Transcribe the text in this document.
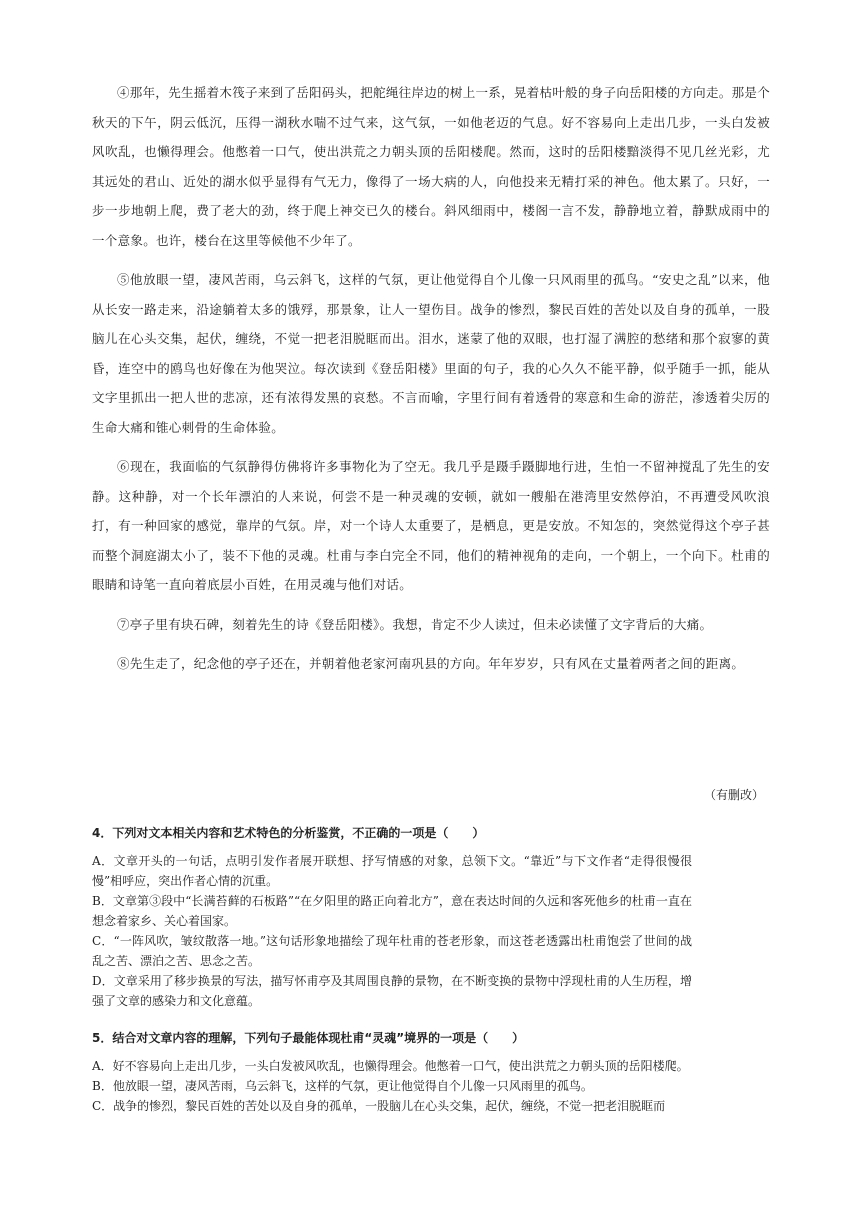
④那年，先生摇着木筏子来到了岳阳码头，把舵绳往岸边的树上一系，晃着枯叶般的身子向岳阳楼的方向走。那是个秋天的下午，阴云低沉，压得一湖秋水喘不过气来，这气氛，一如他老迈的气息。好不容易向上走出几步，一头白发被风吹乱，也懒得理会。他憋着一口气，使出洪荒之力朝头顶的岳阳楼爬。然而，这时的岳阳楼黯淡得不见几丝光彩，尤其远处的君山、近处的湖水似乎显得有气无力，像得了一场大病的人，向他投来无精打采的神色。他太累了。只好，一步一步地朝上爬，费了老大的劲，终于爬上神交已久的楼台。斜风细雨中，楼阁一言不发，静静地立着，静默成雨中的一个意象。也许，楼台在这里等候他不少年了。

⑤他放眼一望，凄风苦雨，乌云斜飞，这样的气氛，更让他觉得自个儿像一只风雨里的孤鸟。“安史之乱”以来，他从长安一路走来，沿途躺着太多的饿殍，那景象，让人一望伤目。战争的惨烈，黎民百姓的苦处以及自身的孤单，一股脑儿在心头交集，起伏，缠绕，不觉一把老泪脱眶而出。泪水，迷蒙了他的双眼，也打湿了满腔的愁绪和那个寂寥的黄昏，连空中的鸥鸟也好像在为他哭泣。每次读到《登岳阳楼》里面的句子，我的心久久不能平静，似乎随手一抓，能从文字里抓出一把人世的悲凉，还有浓得发黑的哀愁。不言而喻，字里行间有着透骨的寒意和生命的游茫，渗透着尖厉的生命大痛和锥心刺骨的生命体验。

⑥现在，我面临的气氛静得仿佛将许多事物化为了空无。我几乎是蹑手蹑脚地行进，生怕一不留神搅乱了先生的安静。这种静，对一个长年漂泊的人来说，何尝不是一种灵魂的安顿，就如一艘船在港湾里安然停泊，不再遭受风吹浪打，有一种回家的感觉，靠岸的气氛。岸，对一个诗人太重要了，是栖息，更是安放。不知怎的，突然觉得这个亭子甚而整个洞庭湖太小了，装不下他的灵魂。杜甫与李白完全不同，他们的精神视角的走向，一个朝上，一个向下。杜甫的眼睛和诗笔一直向着底层小百姓，在用灵魂与他们对话。

⑦亭子里有块石碑，刻着先生的诗《登岳阳楼》。我想，肯定不少人读过，但未必读懂了文字背后的大痛。

⑧先生走了，纪念他的亭子还在，并朝着他老家河南巩县的方向。年年岁岁，只有风在丈量着两者之间的距离。

（有删改）
4．下列对文本相关内容和艺术特色的分析鉴赏，不正确的一项是（　　）

A．文章开头的一句话，点明引发作者展开联想、抒写情感的对象，总领下文。“靠近”与下文作者“走得很慢很慢”相呼应，突出作者心情的沉重。

B．文章第③段中“长满苔藓的石板路”“在夕阳里的路正向着北方”，意在表达时间的久远和客死他乡的杜甫一直在想念着家乡、关心着国家。

C．“一阵风吹，皱纹散落一地。”这句话形象地描绘了现年杜甫的苍老形象，而这苍老透露出杜甫饱尝了世间的战乱之苦、漂泊之苦、思念之苦。

D．文章采用了移步换景的写法，描写怀甫亭及其周围良静的景物，在不断变换的景物中浮现杜甫的人生历程，增强了文章的感染力和文化意蕴。

5．结合对文章内容的理解，下列句子最能体现杜甫“灵魂”境界的一项是（　　）

A．好不容易向上走出几步，一头白发被风吹乱，也懒得理会。他憋着一口气，使出洪荒之力朝头顶的岳阳楼爬。

B．他放眼一望，凄风苦雨，乌云斜飞，这样的气氛，更让他觉得自个儿像一只风雨里的孤鸟。

C．战争的惨烈，黎民百姓的苦处以及自身的孤单，一股脑儿在心头交集，起伏，缠绕，不觉一把老泪脱眶而
